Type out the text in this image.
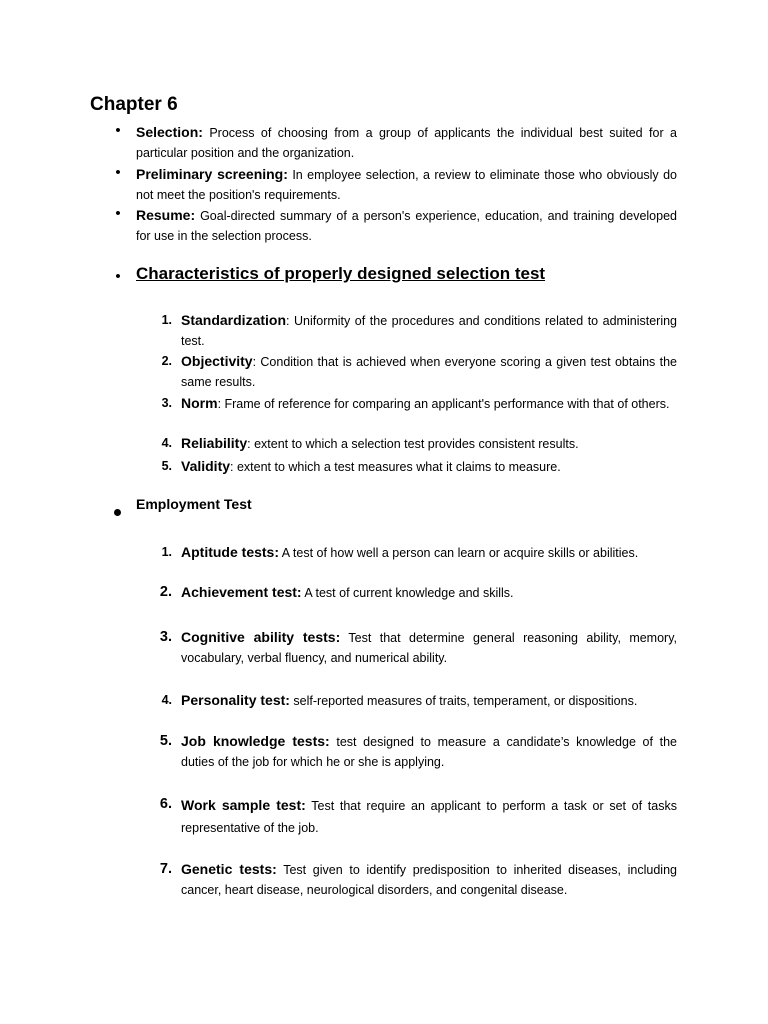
Chapter 6
•	Selection: Process of choosing from a group of applicants the individual best suited for a particular position and the organization.
•	Preliminary screening: In employee selection, a review to eliminate those who obviously do not meet the position's requirements.
•	Resume: Goal-directed summary of a person's experience, education, and training developed for use in the selection process.
• Characteristics of properly designed selection test
1. Standardization: Uniformity of the procedures and conditions related to administering test.
2. Objectivity: Condition that is achieved when everyone scoring a given test obtains the same results.
3. Norm: Frame of reference for comparing an applicant's performance with that of others.
4. Reliability: extent to which a selection test provides consistent results.
5. Validity: extent to which a test measures what it claims to measure.
Employment Test
1. Aptitude tests: A test of how well a person can learn or acquire skills or abilities.
2. Achievement test: A test of current knowledge and skills.
3. Cognitive ability tests: Test that determine general reasoning ability, memory, vocabulary, verbal fluency, and numerical ability.
4. Personality test: self-reported measures of traits, temperament, or dispositions.
5. Job knowledge tests: test designed to measure a candidate’s knowledge of the duties of the job for which he or she is applying.
6. Work sample test: Test that require an applicant to perform a task or set of tasks representative of the job.
7. Genetic tests: Test given to identify predisposition to inherited diseases, including cancer, heart disease, neurological disorders, and congenital disease.
